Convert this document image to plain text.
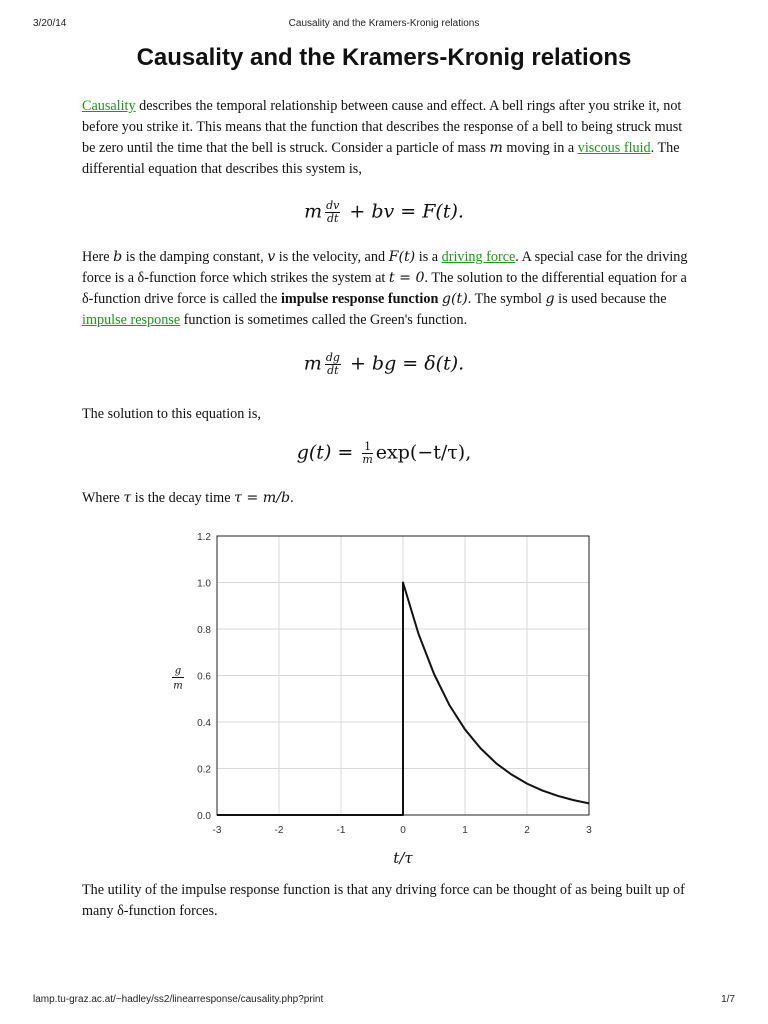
3/20/14	Causality and the Kramers-Kronig relations
Causality and the Kramers-Kronig relations

Causality describes the temporal relationship between cause and effect. A bell rings after you strike it, not before you strike it. This means that the function that describes the response of a bell to being struck must be zero until the time that the bell is struck. Consider a particle of mass m moving in a viscous fluid. The differential equation that describes this system is,

m $\frac{dv}{dt}$ + bv = F(t).

Here b is the damping constant, v is the velocity, and F(t) is a driving force. A special case for the driving force is a δ-function force which strikes the system at t = 0. The solution to the differential equation for a δ-function drive force is called the impulse response function g(t). The symbol g is used because the impulse response function is sometimes called the Green's function.

m $\frac{dg}{dt}$ + bg = δ(t).

The solution to this equation is,

$g(t) = \frac{1}{m} \exp(-t/\tau)$,

Where τ is the decay time τ = m/b.

0.0
0.2
0.4
0.6
0.8
1.0
1.2
-3	-2	-1	0	1	2	3
t/τ
g
m

The utility of the impulse response function is that any driving force can be thought of as being built up of many δ-function forces.

lamp.tu-graz.ac.at/~hadley/ss2/linearresponse/causality.php?print	1/7
